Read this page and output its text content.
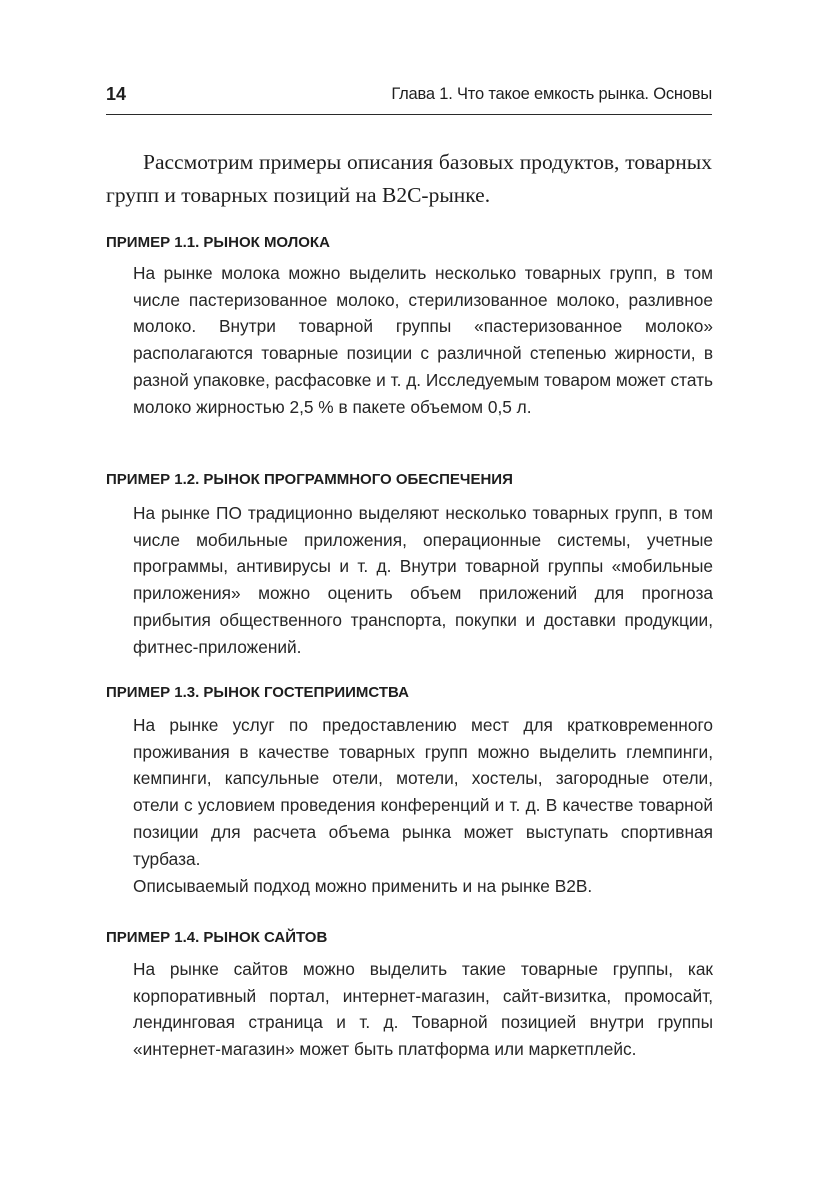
14	Глава 1. Что такое емкость рынка. Основы

Рассмотрим примеры описания базовых продуктов, товарных групп и товарных позиций на B2C-рынке.

ПРИМЕР 1.1. РЫНОК МОЛОКА

На рынке молока можно выделить несколько товарных групп, в том числе пастеризованное молоко, стерилизованное молоко, разливное молоко. Внутри товарной группы «пастеризованное молоко» располагаются товарные позиции с различной степенью жирности, в разной упаковке, расфасовке и т. д. Исследуемым товаром может стать молоко жирностью 2,5 % в пакете объемом 0,5 л.

ПРИМЕР 1.2. РЫНОК ПРОГРАММНОГО ОБЕСПЕЧЕНИЯ

На рынке ПО традиционно выделяют несколько товарных групп, в том числе мобильные приложения, операционные системы, учетные программы, антивирусы и т. д. Внутри товарной группы «мобильные приложения» можно оценить объем приложений для прогноза прибытия общественного транспорта, покупки и доставки продукции, фитнес-приложений.

ПРИМЕР 1.3. РЫНОК ГОСТЕПРИИМСТВА

На рынке услуг по предоставлению мест для кратковременного проживания в качестве товарных групп можно выделить глемпинги, кемпинги, капсульные отели, мотели, хостелы, загородные отели, отели с условием проведения конференций и т. д. В качестве товарной позиции для расчета объема рынка может выступать спортивная турбаза.

Описываемый подход можно применить и на рынке B2B.

ПРИМЕР 1.4. РЫНОК САЙТОВ

На рынке сайтов можно выделить такие товарные группы, как корпоративный портал, интернет-магазин, сайт-визитка, промосайт, лендинговая страница и т. д. Товарной позицией внутри группы «интернет-магазин» может быть платформа или маркетплейс.
